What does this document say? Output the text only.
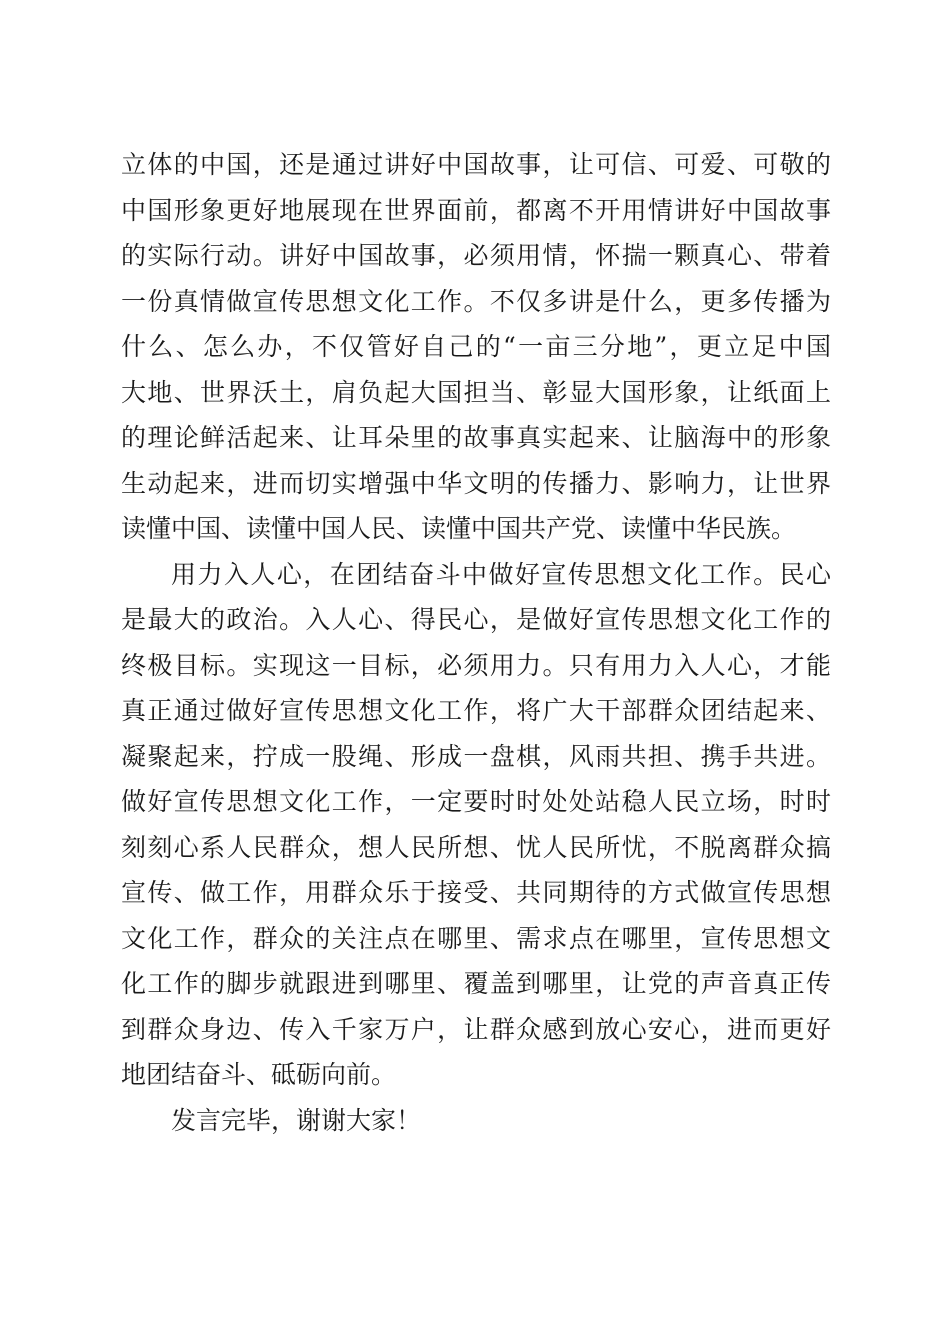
立体的中国，还是通过讲好中国故事，让可信、可爱、可敬的
中国形象更好地展现在世界面前，都离不开用情讲好中国故事
的实际行动。讲好中国故事，必须用情，怀揣一颗真心、带着
一份真情做宣传思想文化工作。不仅多讲是什么，更多传播为
什么、怎么办，不仅管好自己的“一亩三分地”，更立足中国
大地、世界沃土，肩负起大国担当、彰显大国形象，让纸面上
的理论鲜活起来、让耳朵里的故事真实起来、让脑海中的形象
生动起来，进而切实增强中华文明的传播力、影响力，让世界
读懂中国、读懂中国人民、读懂中国共产党、读懂中华民族。
用力入人心，在团结奋斗中做好宣传思想文化工作。民心
是最大的政治。入人心、得民心，是做好宣传思想文化工作的
终极目标。实现这一目标，必须用力。只有用力入人心，才能
真正通过做好宣传思想文化工作，将广大干部群众团结起来、
凝聚起来，拧成一股绳、形成一盘棋，风雨共担、携手共进。
做好宣传思想文化工作，一定要时时处处站稳人民立场，时时
刻刻心系人民群众，想人民所想、忧人民所忧，不脱离群众搞
宣传、做工作，用群众乐于接受、共同期待的方式做宣传思想
文化工作，群众的关注点在哪里、需求点在哪里，宣传思想文
化工作的脚步就跟进到哪里、覆盖到哪里，让党的声音真正传
到群众身边、传入千家万户，让群众感到放心安心，进而更好
地团结奋斗、砥砺向前。
发言完毕，谢谢大家！
